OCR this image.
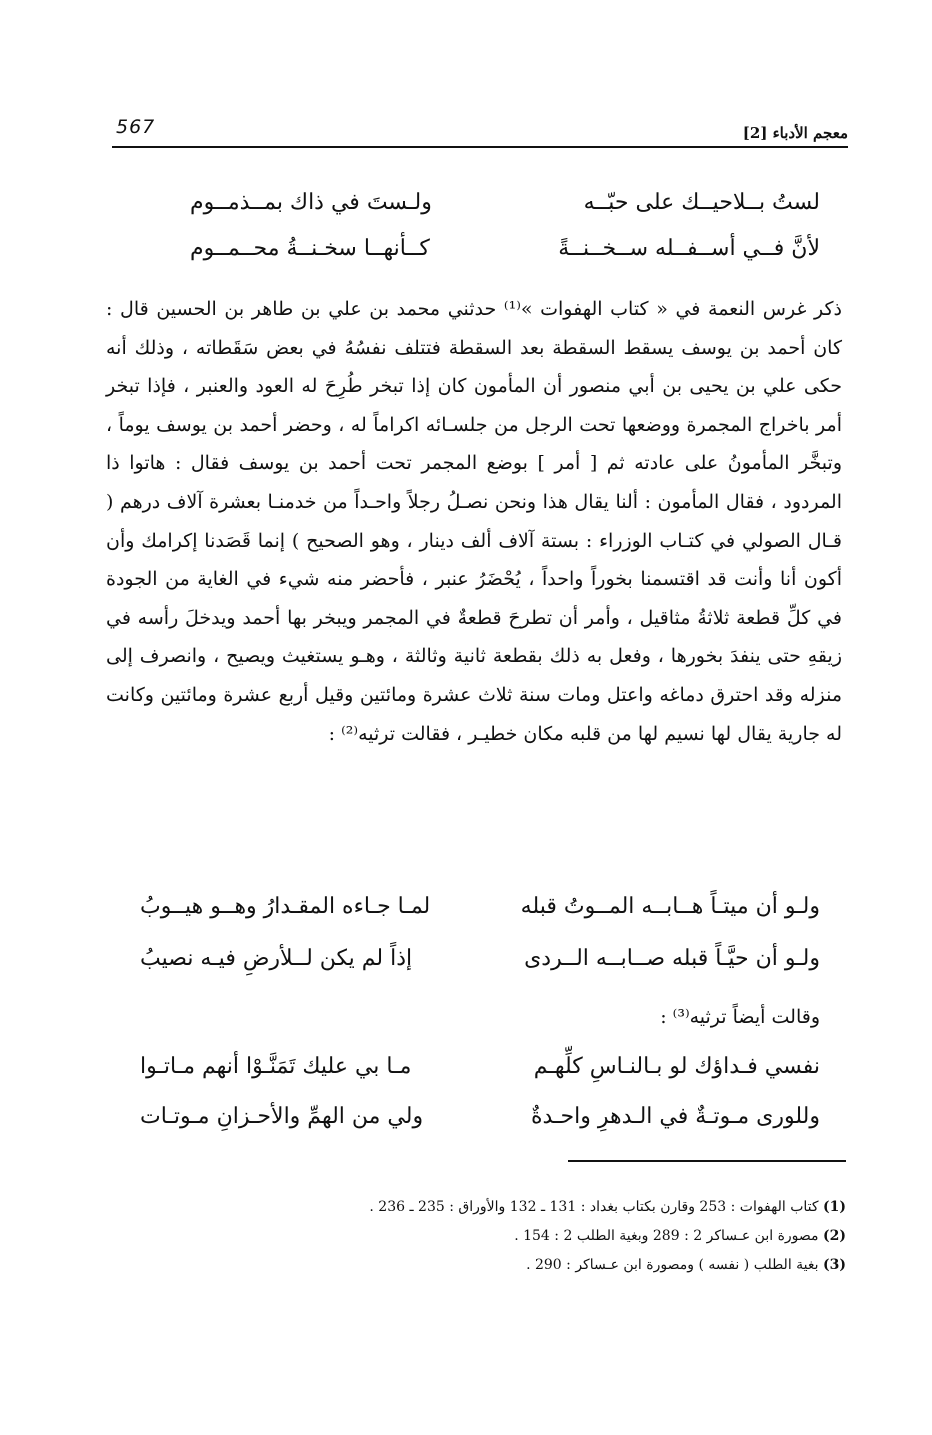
567	معجم الأدباء [2]
لستُ بــلاحيــك على حبّــه
ولـستَ في ذاك بمــذمــوم
لأنَّ فــي أســفــله ســخــنــةً
كــأنهــا سخـنــةُ محــمــوم

ذكر غرس النعمة في « كتاب الهفوات »⁽¹⁾ حدثني محمد بن علي بن طاهر بن الحسين قال : كان أحمد بن يوسف يسقط السقطة بعد السقطة فتتلف نفسُهُ في بعض سَقَطاته ، وذلك أنه حكى علي بن يحيى بن أبي منصور أن المأمون كان إذا تبخر طُرِحَ له العود والعنبر ، فإذا تبخر أمر باخراج المجمرة ووضعها تحت الرجل من جلسـائه اكراماً له ، وحضر أحمد بن يوسف يوماً ، وتبخَّر المأمونُ على عادته ثم [ أمر ] بوضع المجمر تحت أحمد بن يوسف فقال : هاتوا ذا المردود ، فقال المأمون : ألنا يقال هذا ونحن نصـلُ رجلاً واحـداً من خدمنـا بعشرة آلاف درهم ( قـال الصولي في كتـاب الوزراء : بستة آلاف ألف دينار ، وهو الصحيح ) إنما قَصَدنا إكرامك وأن أكون أنا وأنت قد اقتسمنا بخوراً واحداً ، يُحْضَرُ عنبر ، فأحضر منه شيء في الغاية من الجودة في كلِّ قطعة ثلاثةُ مثاقيل ، وأمر أن تطرحَ قطعةٌ في المجمر ويبخر بها أحمد ويدخلَ رأسه في زيقهِ حتى ينفدَ بخورها ، وفعل به ذلك بقطعة ثانية وثالثة ، وهـو يستغيث ويصيح ، وانصرف إلى منزله وقد احترق دماغه واعتل ومات سنة ثلاث عشرة ومائتين وقيل أربع عشرة ومائتين وكانت له جارية يقال لها نسيم لها من قلبه مكان خطيـر ، فقالت ترثيه⁽²⁾ :

ولـو أن ميتـاً هــابــه المــوتُ قبله
لمـا جـاءه المقـدارُ وهــو هيــوبُ
ولـو أن حيَّـاً قبله صــابــه الــردى
إذاً لم يكن لــلأرضِ فيـه نصيبُ
وقالت أيضاً ترثيه⁽³⁾ :
نفسي فـداؤك لو بـالنـاسِ كلِّهـم
مـا بي عليك تَمَنَّـوْا أنهم مـاتـوا
وللورى مـوتـةٌ في الـدهرِ واحـدةٌ
ولي من الهمِّ والأحـزانِ مـوتـات
(1) كتاب الهفوات : 253 وقارن بكتاب بغداد : 131 ـ 132 والأوراق : 235 ـ 236 .
(2) مصورة ابن عـساكر 2 : 289 وبغية الطلب 2 : 154 .
(3) بغية الطلب ( نفسه ) ومصورة ابن عـساكر : 290 .
